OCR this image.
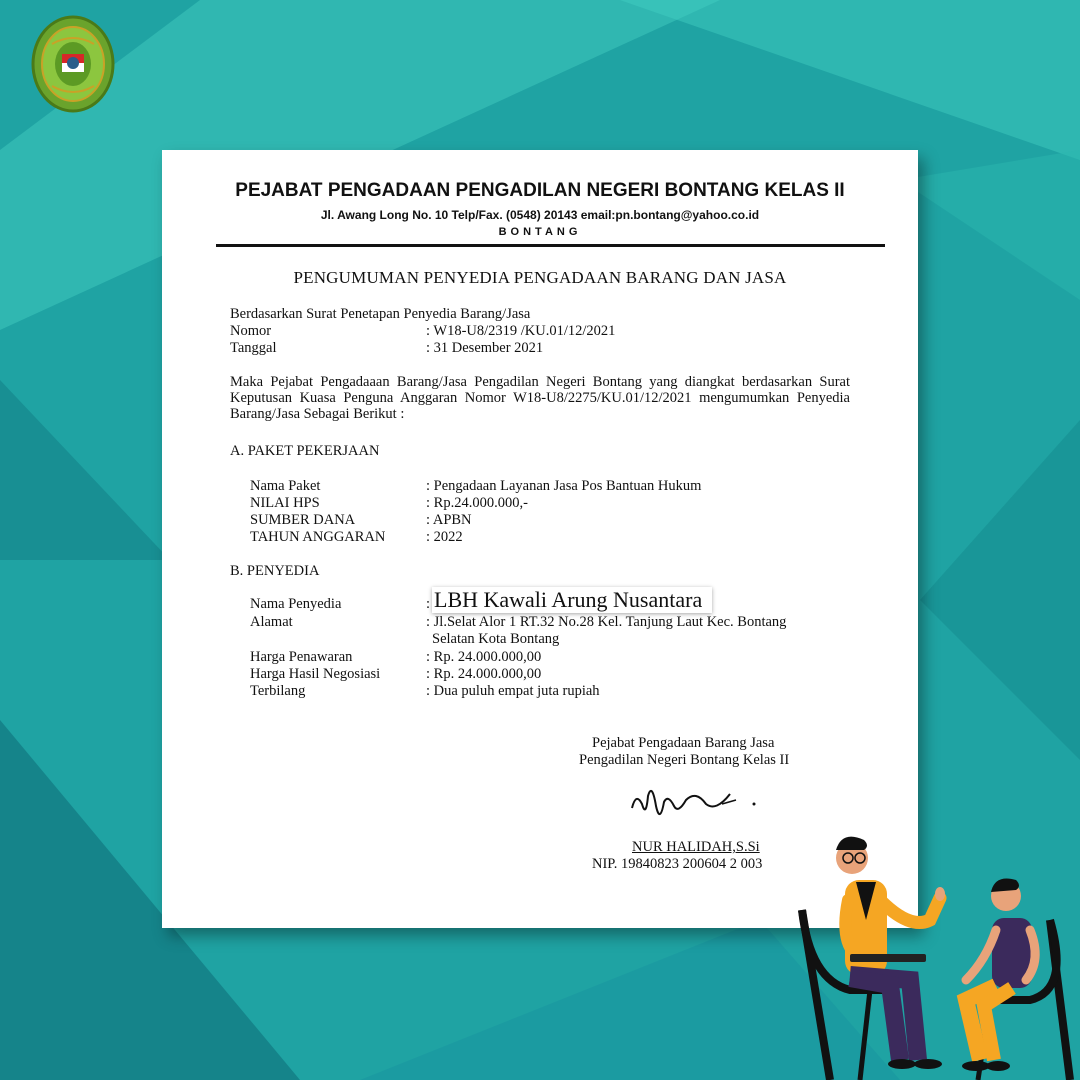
PEJABAT PENGADAAN PENGADILAN NEGERI BONTANG KELAS II
Jl. Awang Long No. 10 Telp/Fax. (0548) 20143 email:pn.bontang@yahoo.co.id
BONTANG
PENGUMUMAN PENYEDIA PENGADAAN BARANG DAN JASA
Berdasarkan Surat Penetapan Penyedia Barang/Jasa
Nomor	: W18-U8/2319 /KU.01/12/2021
Tanggal	: 31 Desember 2021
Maka Pejabat Pengadaaan Barang/Jasa Pengadilan Negeri Bontang yang diangkat berdasarkan Surat Keputusan Kuasa Penguna Anggaran Nomor W18-U8/2275/KU.01/12/2021 mengumumkan Penyedia Barang/Jasa Sebagai Berikut :
A. PAKET PEKERJAAN
Nama Paket	: Pengadaan Layanan Jasa Pos Bantuan Hukum
NILAI HPS	: Rp.24.000.000,-
SUMBER DANA	: APBN
TAHUN ANGGARAN	: 2022
B. PENYEDIA
Nama Penyedia	: LBH Kawali Arung Nusantara
Alamat	: Jl.Selat Alor 1 RT.32 No.28 Kel. Tanjung Laut Kec. Bontang
Selatan Kota Bontang
Harga Penawaran	: Rp. 24.000.000,00
Harga Hasil Negosiasi	: Rp. 24.000.000,00
Terbilang	: Dua puluh empat juta rupiah
Pejabat Pengadaan Barang Jasa
Pengadilan Negeri Bontang Kelas II
NUR HALIDAH,S.Si
NIP. 19840823 200604 2 003
